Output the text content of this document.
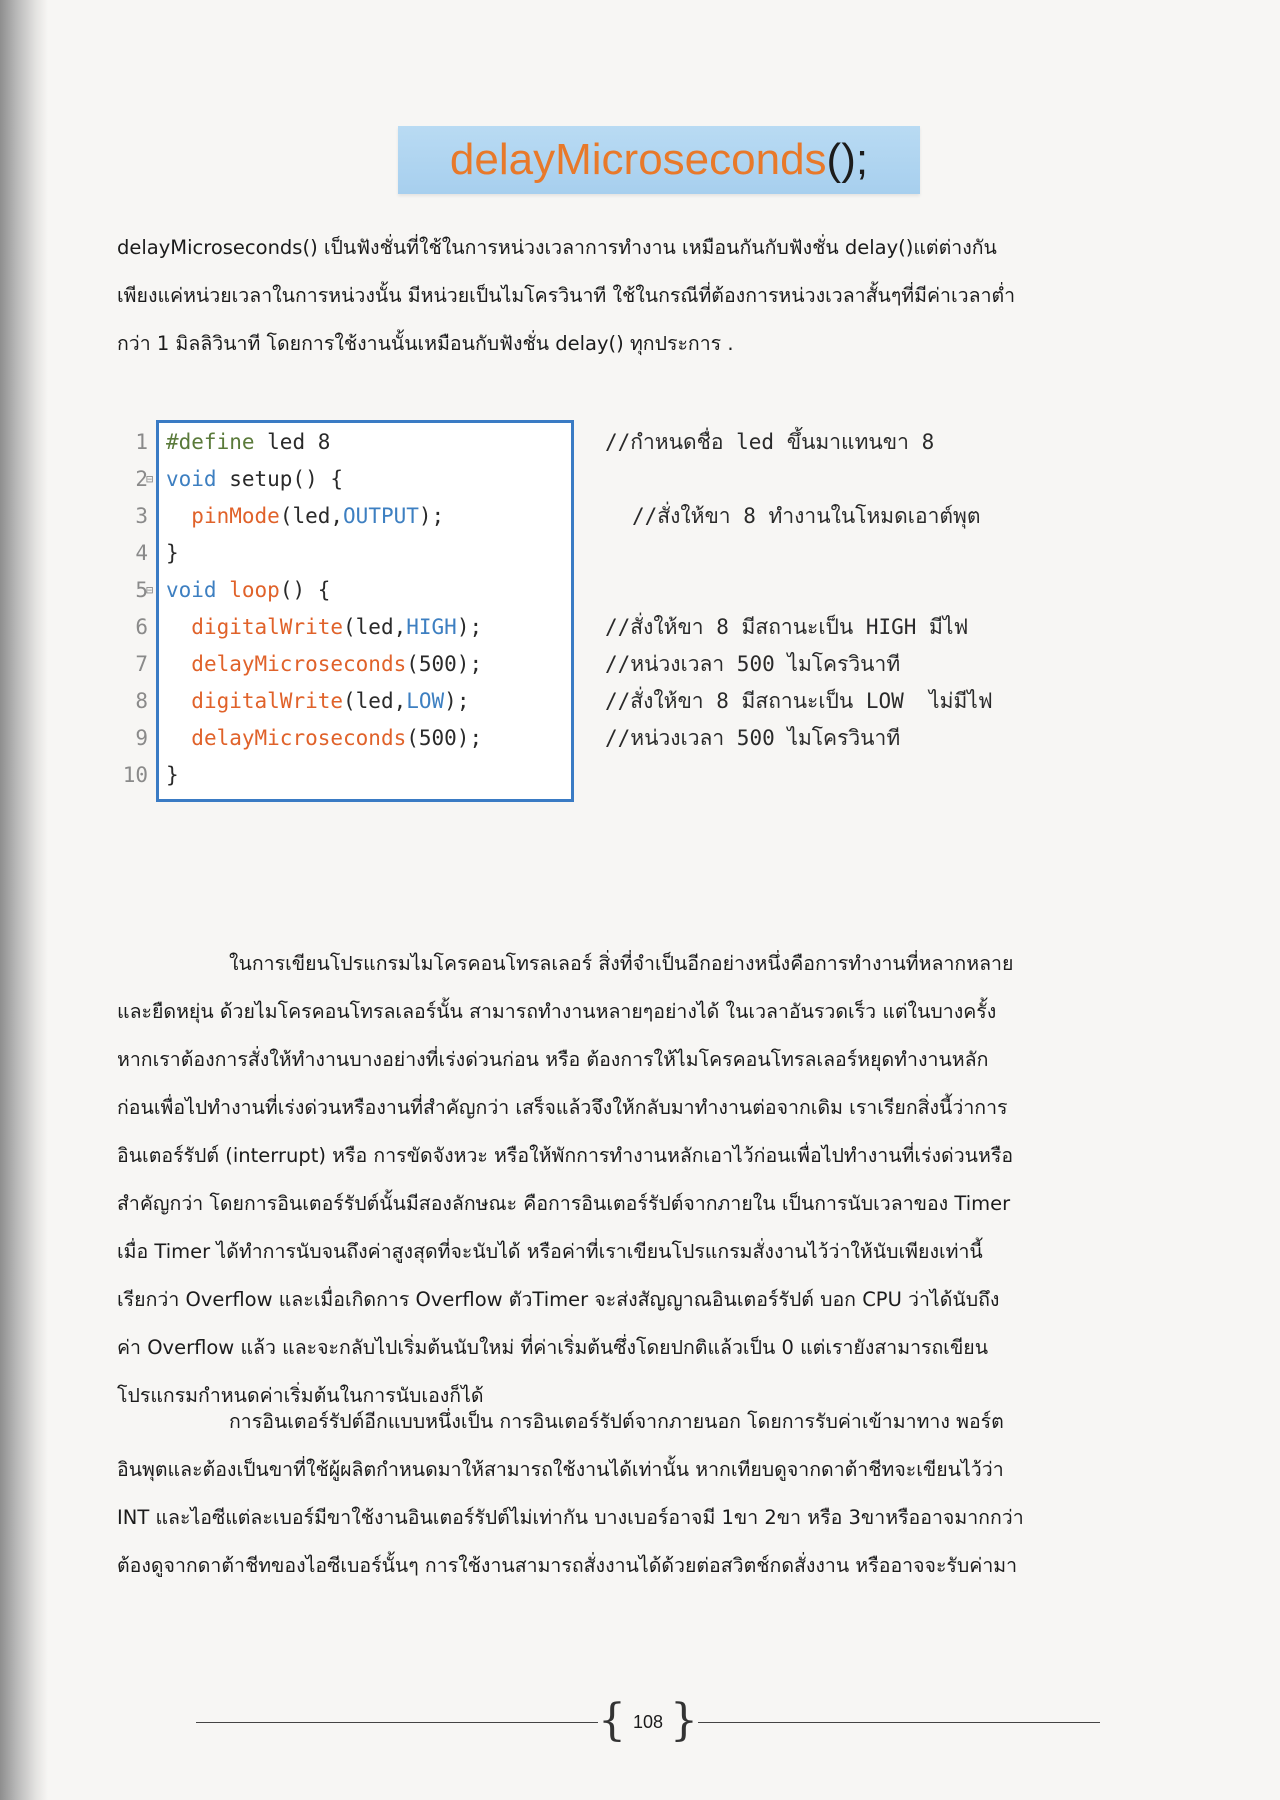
delayMicroseconds ();
delayMicroseconds() เป็นฟังชั่นที่ใช้ในการหน่วงเวลาการทำงาน เหมือนกันกับฟังชั่น delay()แต่ต่างกัน
เพียงแค่หน่วยเวลาในการหน่วงนั้น มีหน่วยเป็นไมโครวินาที ใช้ในกรณีที่ต้องการหน่วงเวลาสั้นๆที่มีค่าเวลาต่ำ
กว่า 1 มิลลิวินาที โดยการใช้งานนั้นเหมือนกับฟังชั่น delay() ทุกประการ .
1 #define led 8	//กำหนดชื่อ led ขึ้นมาแทนขา 8
2
⊟ void setup() {
3	pinMode(led,OUTPUT);	//สั่งให้ขา 8 ทำงานในโหมดเอาต์พุต
4 }
5
⊟ void loop() {
6	digitalWrite(led,HIGH);	//สั่งให้ขา 8 มีสถานะเป็น HIGH มีไฟ
7	delayMicroseconds(500);	//หน่วงเวลา 500 ไมโครวินาที
8	digitalWrite(led,LOW);	//สั่งให้ขา 8 มีสถานะเป็น LOW  ไม่มีไฟ
9	delayMicroseconds(500);	//หน่วงเวลา 500 ไมโครวินาที
10 }
ในการเขียนโปรแกรมไมโครคอนโทรลเลอร์ สิ่งที่จำเป็นอีกอย่างหนึ่งคือการทำงานที่หลากหลาย
และยืดหยุ่น ด้วยไมโครคอนโทรลเลอร์นั้น สามารถทำงานหลายๆอย่างได้ ในเวลาอันรวดเร็ว แต่ในบางครั้ง
หากเราต้องการสั่งให้ทำงานบางอย่างที่เร่งด่วนก่อน หรือ ต้องการให้ไมโครคอนโทรลเลอร์หยุดทำงานหลัก
ก่อนเพื่อไปทำงานที่เร่งด่วนหรืองานที่สำคัญกว่า เสร็จแล้วจึงให้กลับมาทำงานต่อจากเดิม เราเรียกสิ่งนี้ว่าการ
อินเตอร์รัปต์ (interrupt) หรือ การขัดจังหวะ หรือให้พักการทำงานหลักเอาไว้ก่อนเพื่อไปทำงานที่เร่งด่วนหรือ
สำคัญกว่า โดยการอินเตอร์รัปต์นั้นมีสองลักษณะ คือการอินเตอร์รัปต์จากภายใน เป็นการนับเวลาของ Timer
เมื่อ Timer ได้ทำการนับจนถึงค่าสูงสุดที่จะนับได้ หรือค่าที่เราเขียนโปรแกรมสั่งงานไว้ว่าให้นับเพียงเท่านี้
เรียกว่า Overflow และเมื่อเกิดการ Overflow ตัวTimer จะส่งสัญญาณอินเตอร์รัปต์ บอก CPU ว่าได้นับถึง
ค่า Overflow แล้ว และจะกลับไปเริ่มต้นนับใหม่ ที่ค่าเริ่มต้นซึ่งโดยปกติแล้วเป็น 0 แต่เรายังสามารถเขียน
โปรแกรมกำหนดค่าเริ่มต้นในการนับเองก็ได้
การอินเตอร์รัปต์อีกแบบหนึ่งเป็น การอินเตอร์รัปต์จากภายนอก โดยการรับค่าเข้ามาทาง พอร์ต
อินพุตและต้องเป็นขาที่ใช้ผู้ผลิตกำหนดมาให้สามารถใช้งานได้เท่านั้น หากเทียบดูจากดาต้าชีทจะเขียนไว้ว่า
INT และไอซีแต่ละเบอร์มีขาใช้งานอินเตอร์รัปต์ไม่เท่ากัน บางเบอร์อาจมี 1ขา 2ขา หรือ 3ขาหรืออาจมากกว่า
ต้องดูจากดาต้าชีทของไอซีเบอร์นั้นๆ การใช้งานสามารถสั่งงานได้ด้วยต่อสวิตช์กดสั่งงาน หรืออาจจะรับค่ามา
{ 108 }
